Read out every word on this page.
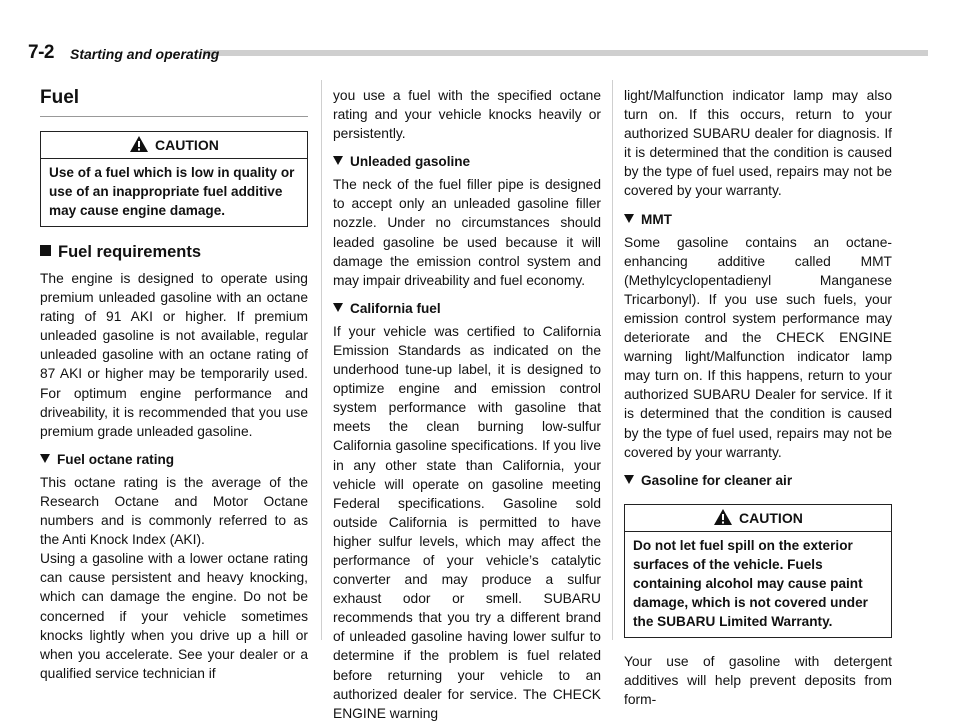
7-2 Starting and operating
Fuel
CAUTION
Use of a fuel which is low in quality or use of an inappropriate fuel additive may cause engine damage.
Fuel requirements

The engine is designed to operate using premium unleaded gasoline with an octane rating of 91 AKI or higher. If premium unleaded gasoline is not available, regular unleaded gasoline with an octane rating of 87 AKI or higher may be temporarily used. For optimum engine performance and driveability, it is recommended that you use premium grade unleaded gasoline.

Fuel octane rating

This octane rating is the average of the Research Octane and Motor Octane numbers and is commonly referred to as the Anti Knock Index (AKI).

Using a gasoline with a lower octane rating can cause persistent and heavy knocking, which can damage the engine. Do not be concerned if your vehicle sometimes knocks lightly when you drive up a hill or when you accelerate. See your dealer or a qualified service technician if

you use a fuel with the specified octane rating and your vehicle knocks heavily or persistently.

Unleaded gasoline

The neck of the fuel filler pipe is designed to accept only an unleaded gasoline filler nozzle. Under no circumstances should leaded gasoline be used because it will damage the emission control system and may impair driveability and fuel economy.

California fuel

If your vehicle was certified to California Emission Standards as indicated on the underhood tune-up label, it is designed to optimize engine and emission control system performance with gasoline that meets the clean burning low-sulfur California gasoline specifications. If you live in any other state than California, your vehicle will operate on gasoline meeting Federal specifications. Gasoline sold outside California is permitted to have higher sulfur levels, which may affect the performance of your vehicle’s catalytic converter and may produce a sulfur exhaust odor or smell. SUBARU recommends that you try a different brand of unleaded gasoline having lower sulfur to determine if the problem is fuel related before returning your vehicle to an authorized dealer for service. The CHECK ENGINE warning

light/Malfunction indicator lamp may also turn on. If this occurs, return to your authorized SUBARU dealer for diagnosis. If it is determined that the condition is caused by the type of fuel used, repairs may not be covered by your warranty.

MMT

Some gasoline contains an octane-enhancing additive called MMT (Methylcyclopentadienyl Manganese Tricarbonyl). If you use such fuels, your emission control system performance may deteriorate and the CHECK ENGINE warning light/Malfunction indicator lamp may turn on. If this happens, return to your authorized SUBARU Dealer for service. If it is determined that the condition is caused by the type of fuel used, repairs may not be covered by your warranty.

Gasoline for cleaner air
CAUTION
Do not let fuel spill on the exterior surfaces of the vehicle. Fuels containing alcohol may cause paint damage, which is not covered under the SUBARU Limited Warranty.

Your use of gasoline with detergent additives will help prevent deposits from form-
